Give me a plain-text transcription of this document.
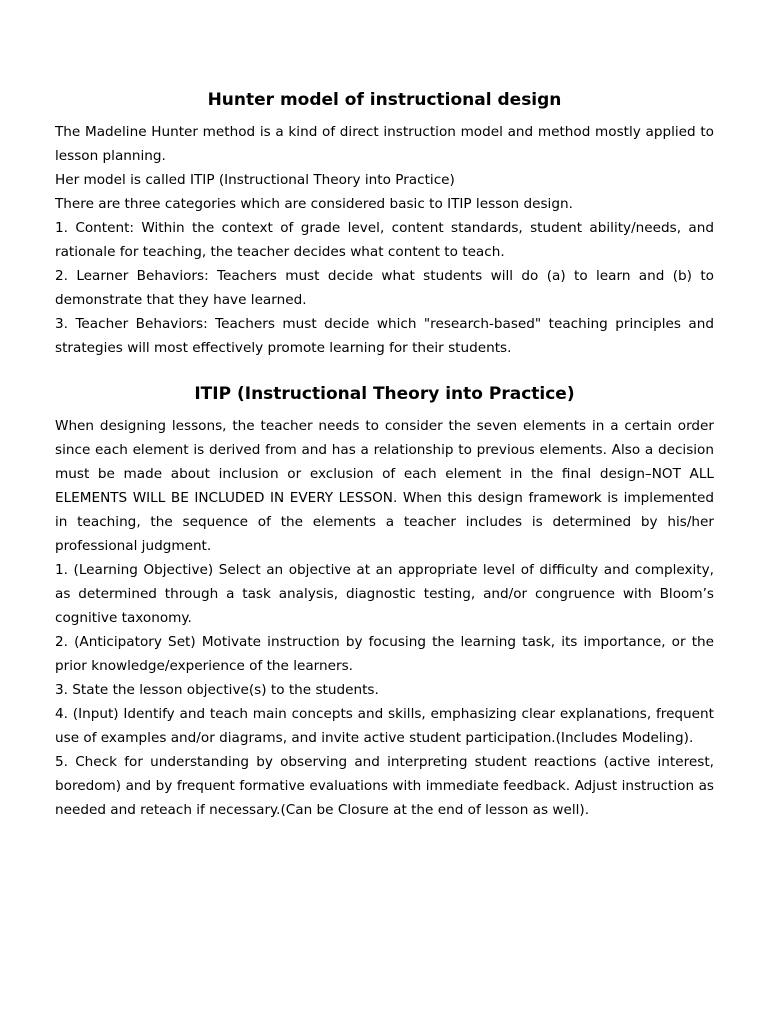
Hunter model of instructional design

The Madeline Hunter method is a kind of direct instruction model and method mostly applied to lesson planning.

Her model is called ITIP (Instructional Theory into Practice)

There are three categories which are considered basic to ITIP lesson design.

1. Content: Within the context of grade level, content standards, student ability/needs, and rationale for teaching, the teacher decides what content to teach.

2. Learner Behaviors: Teachers must decide what students will do (a) to learn and (b) to demonstrate that they have learned.

3. Teacher Behaviors: Teachers must decide which "research-based" teaching principles and strategies will most effectively promote learning for their students.

ITIP (Instructional Theory into Practice)

When designing lessons, the teacher needs to consider the seven elements in a certain order since each element is derived from and has a relationship to previous elements. Also a decision must be made about inclusion or exclusion of each element in the final design–NOT ALL ELEMENTS WILL BE INCLUDED IN EVERY LESSON. When this design framework is implemented in teaching, the sequence of the elements a teacher includes is determined by his/her professional judgment.

1. (Learning Objective) Select an objective at an appropriate level of difficulty and complexity, as determined through a task analysis, diagnostic testing, and/or congruence with Bloom’s cognitive taxonomy.

2. (Anticipatory Set) Motivate instruction by focusing the learning task, its importance, or the prior knowledge/experience of the learners.

3. State the lesson objective(s) to the students.

4. (Input) Identify and teach main concepts and skills, emphasizing clear explanations, frequent use of examples and/or diagrams, and invite active student participation.(Includes Modeling).

5. Check for understanding by observing and interpreting student reactions (active interest, boredom) and by frequent formative evaluations with immediate feedback. Adjust instruction as needed and reteach if necessary.(Can be Closure at the end of lesson as well).
